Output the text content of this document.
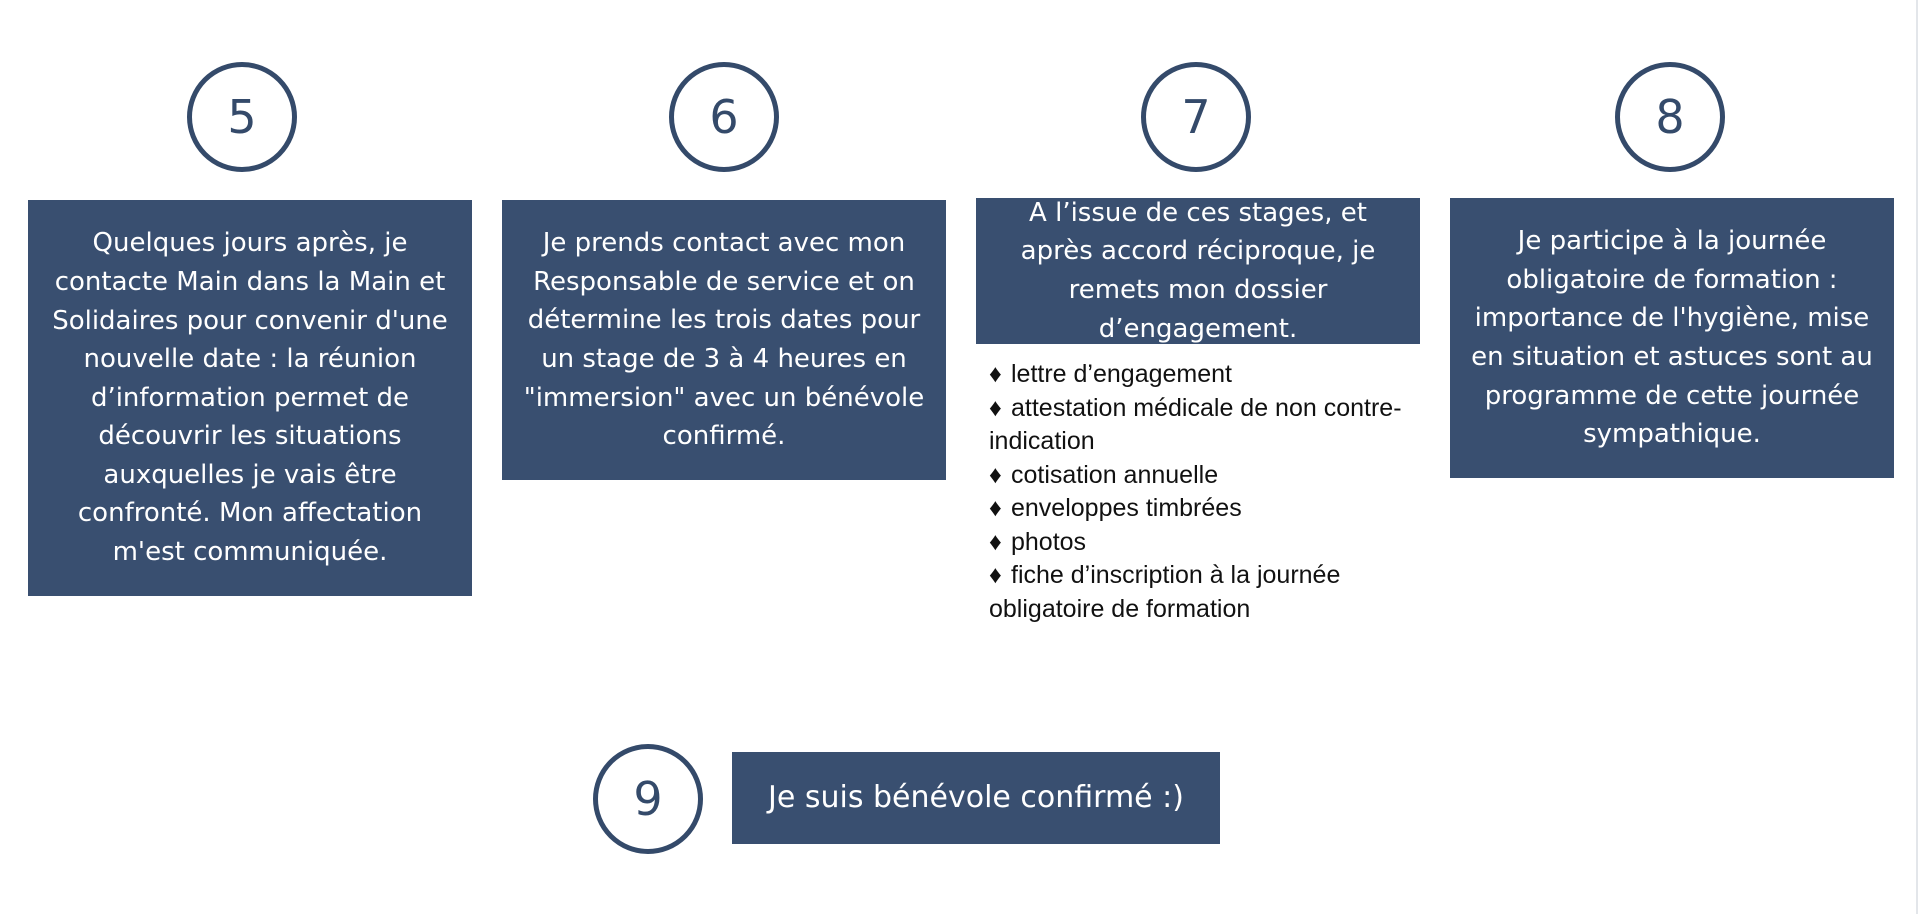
5
Quelques jours après, je contacte Main dans la Main et Solidaires pour convenir d'une nouvelle date : la réunion d’information permet de découvrir les situations auxquelles je vais être confronté. Mon affectation m'est communiquée.
6
Je prends contact avec mon Responsable de service et on détermine les trois dates pour un stage de 3 à 4 heures en "immersion" avec un bénévole confirmé.
7
A l’issue de ces stages, et après accord réciproque, je remets mon dossier d’engagement.
♦ lettre d’engagement
♦ attestation médicale de non contre-indication
♦ cotisation annuelle
♦ enveloppes timbrées
♦ photos
♦ fiche d’inscription à la journée obligatoire de formation
8
Je participe à la journée obligatoire de formation : importance de l'hygiène, mise en situation et astuces sont au programme de cette journée sympathique.
9	Je suis bénévole confirmé :)
